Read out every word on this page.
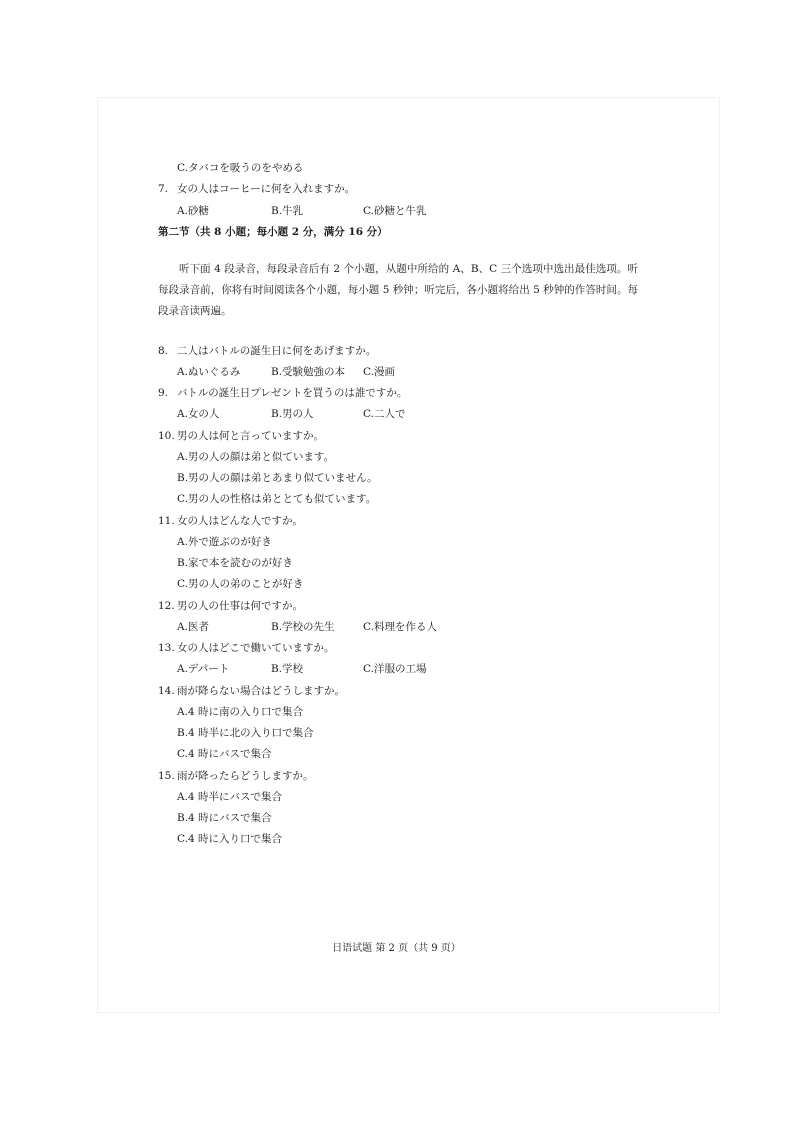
C.タバコを吸うのをやめる
7. 女の人はコーヒーに何を入れますか。
A.砂糖	B.牛乳	C.砂糖と牛乳
第二节（共 8 小题；每小题 2 分，满分 16 分）
听下面 4 段录音，每段录音后有 2 个小题，从题中所给的 A、B、C 三个选项中选出最佳选项。听每段录音前，你将有时间阅读各个小题，每小题 5 秒钟；听完后，各小题将给出 5 秒钟的作答时间。每段录音读两遍。
8. 二人はバトルの誕生日に何をあげますか。
A.ぬいぐるみ	B.受験勉強の本 C.漫画
9. バトルの誕生日プレゼントを買うのは誰ですか。
A.女の人	B.男の人	C.二人で
10. 男の人は何と言っていますか。
A.男の人の顔は弟と似ています。
B.男の人の顔は弟とあまり似ていません。
C.男の人の性格は弟ととても似ています。
11. 女の人はどんな人ですか。
A.外で遊ぶのが好き
B.家で本を読むのが好き
C.男の人の弟のことが好き
12. 男の人の仕事は何ですか。
A.医者	B.学校の先生	C.料理を作る人
13. 女の人はどこで働いていますか。
A.デパート	B.学校	C.洋服の工場
14. 雨が降らない場合はどうしますか。
A.4 時に南の入り口で集合
B.4 時半に北の入り口で集合
C.4 時にバスで集合
15. 雨が降ったらどうしますか。
A.4 時半にバスで集合
B.4 時にバスで集合
C.4 時に入り口で集合
日语试题 第 2 页（共 9 页）
